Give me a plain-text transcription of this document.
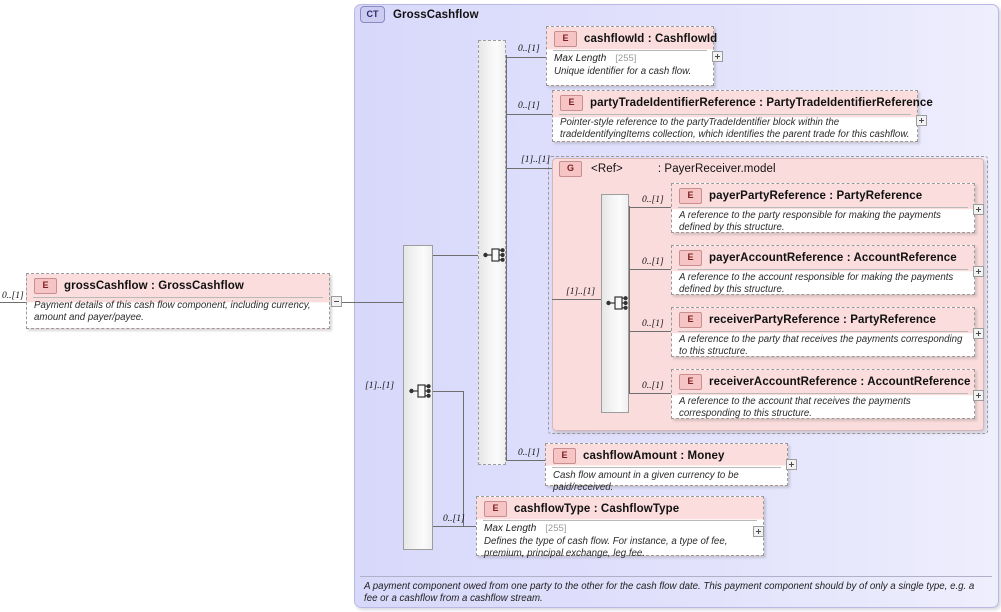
CT	GrossCashflow
E	grossCashflow : GrossCashflow
Payment details of this cash flow component, including currency, amount and payer/payee.
0..[1]
[1]..[1]
0..[1]
E	cashflowId : CashflowId
Max Length [255]
Unique identifier for a cash flow.
0..[1]	E	partyTradeIdentifierReference : PartyTradeIdentifierReference
Pointer-style reference to the partyTradeIdentifier block within the tradeIdentifyingItems collection, which identifies the parent trade for this cashflow.
[1]..[1]
G	<Ref>	: PayerReceiver.model
[1]..[1]
0..[1]	E	payerPartyReference : PartyReference
A reference to the party responsible for making the payments defined by this structure.
0..[1]	E	payerAccountReference : AccountReference
A reference to the account responsible for making the payments defined by this structure.
0..[1]	E	receiverPartyReference : PartyReference
A reference to the party that receives the payments corresponding to this structure.
0..[1]	E	receiverAccountReference : AccountReference
A reference to the account that receives the payments corresponding to this structure.
0..[1]	E	cashflowAmount : Money
Cash flow amount in a given currency to be paid/received.
0..[1]
E	cashflowType : CashflowType
Max Length [255]
Defines the type of cash flow. For instance, a type of fee, premium, principal exchange, leg fee.
A payment component owed from one party to the other for the cash flow date. This payment component should by of only a single type, e.g. a fee or a cashflow from a cashflow stream.
